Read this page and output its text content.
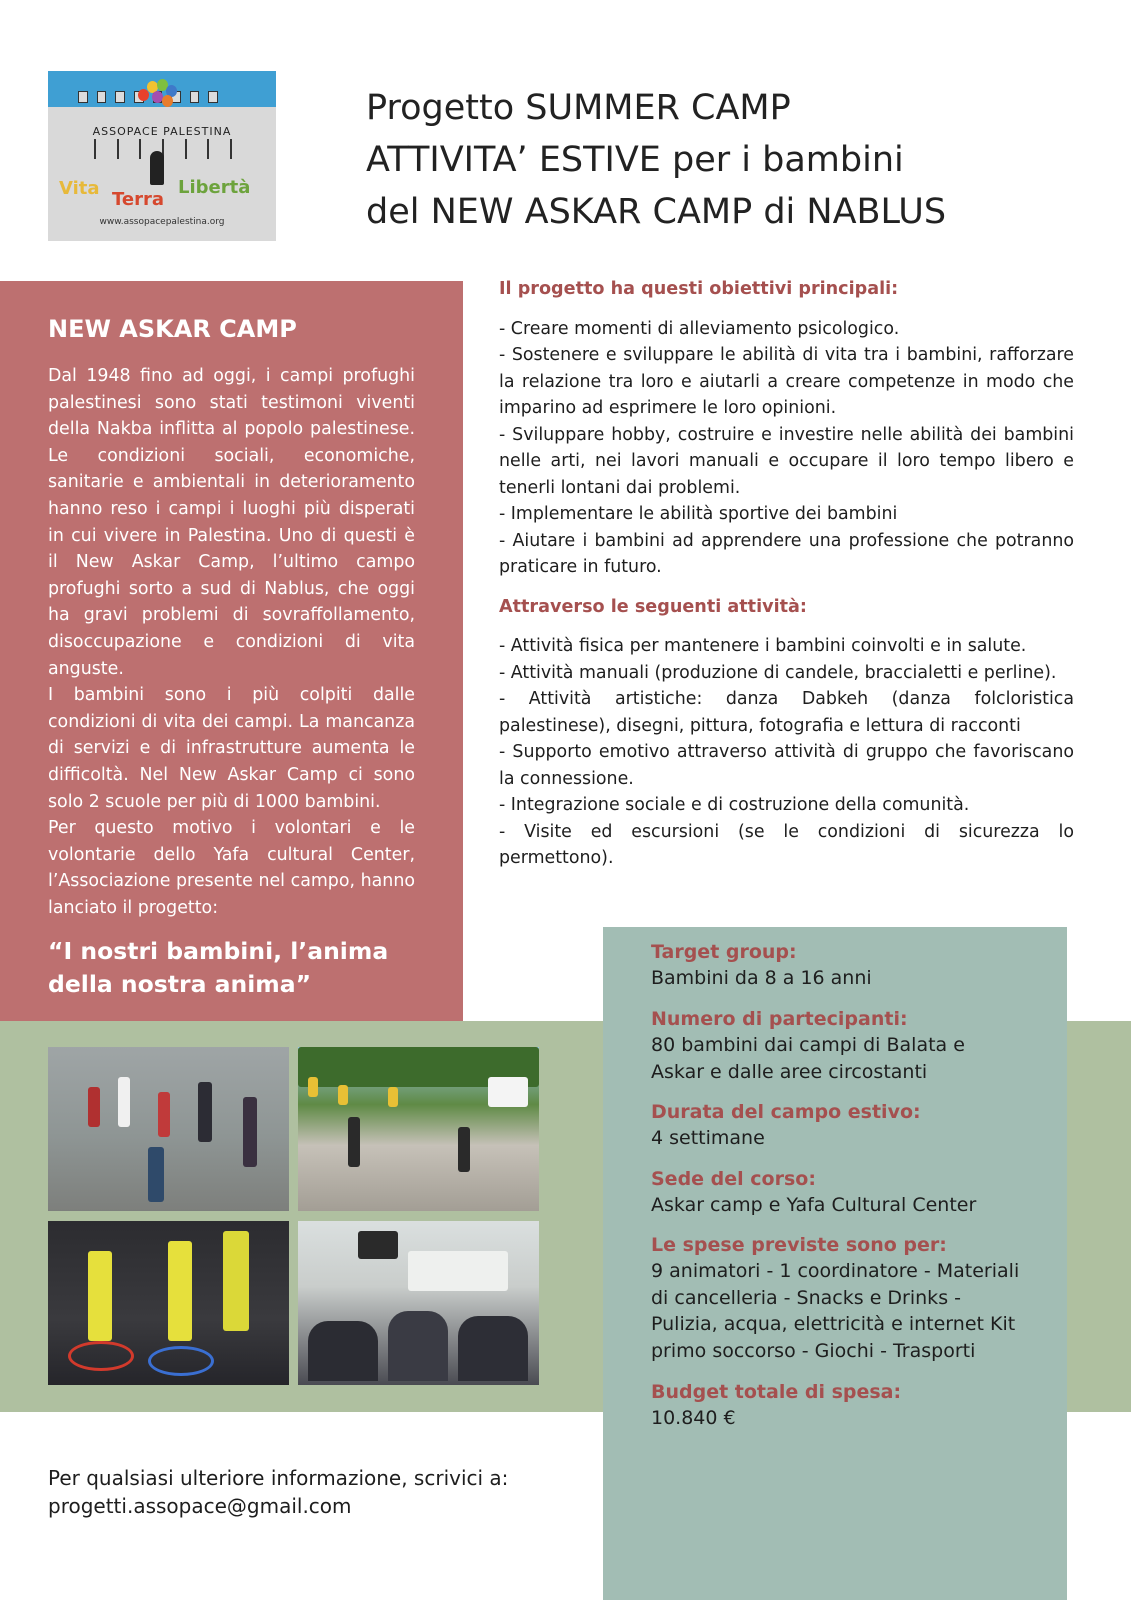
ASSOPACE PALESTINA
Vita
Terra
Libertà
www.assopacepalestina.org
Progetto SUMMER CAMP
ATTIVITA’ ESTIVE per i bambini
del NEW ASKAR CAMP di NABLUS
NEW ASKAR CAMP

Dal 1948 fino ad oggi, i campi profughi palestinesi sono stati testimoni viventi della Nakba inflitta al popolo palestinese. Le condizioni sociali, economiche, sanitarie e ambientali in deterioramento hanno reso i campi i luoghi più disperati in cui vivere in Palestina. Uno di questi è il New Askar Camp, l’ultimo campo profughi sorto a sud di Nablus, che oggi ha gravi problemi di sovraffollamento, disoccupazione e condizioni di vita anguste.

I bambini sono i più colpiti dalle condizioni di vita dei campi. La mancanza di servizi e di infrastrutture aumenta le difficoltà. Nel New Askar Camp ci sono solo 2 scuole per più di 1000 bambini.

Per questo motivo i volontari e le volontarie dello Yafa cultural Center, l’Associazione presente nel campo, hanno lanciato il progetto:

“I nostri bambini, l’anima della nostra anima”
Il progetto ha questi obiettivi principali:
- Creare momenti di alleviamento psicologico.
- Sostenere e sviluppare le abilità di vita tra i bambini, rafforzare la relazione tra loro e aiutarli a creare competenze in modo che imparino ad esprimere le loro opinioni.
- Sviluppare hobby, costruire e investire nelle abilità dei bambini nelle arti, nei lavori manuali e occupare il loro tempo libero e tenerli lontani dai problemi.
- Implementare le abilità sportive dei bambini
- Aiutare i bambini ad apprendere una professione che potranno praticare in futuro.
Attraverso le seguenti attività:
- Attività fisica per mantenere i bambini coinvolti e in salute.
- Attività manuali (produzione di candele, braccialetti e perline).
- Attività artistiche: danza Dabkeh (danza folcloristica palestinese), disegni, pittura, fotografia e lettura di racconti
- Supporto emotivo attraverso attività di gruppo che favoriscano la connessione.
- Integrazione sociale e di costruzione della comunità.
- Visite ed escursioni (se le condizioni di sicurezza lo permettono).
Target group:
Bambini da 8 a 16 anni
Numero di partecipanti:
80 bambini dai campi di Balata e Askar e dalle aree circostanti
Durata del campo estivo:
4 settimane
Sede del corso:
Askar camp e Yafa Cultural Center
Le spese previste sono per:
9 animatori - 1 coordinatore - Materiali di cancelleria - Snacks e Drinks - Pulizia, acqua, elettricità e internet Kit primo soccorso - Giochi - Trasporti
Budget totale di spesa:
10.840 €
Per qualsiasi ulteriore informazione, scrivici a:
progetti.assopace@gmail.com
